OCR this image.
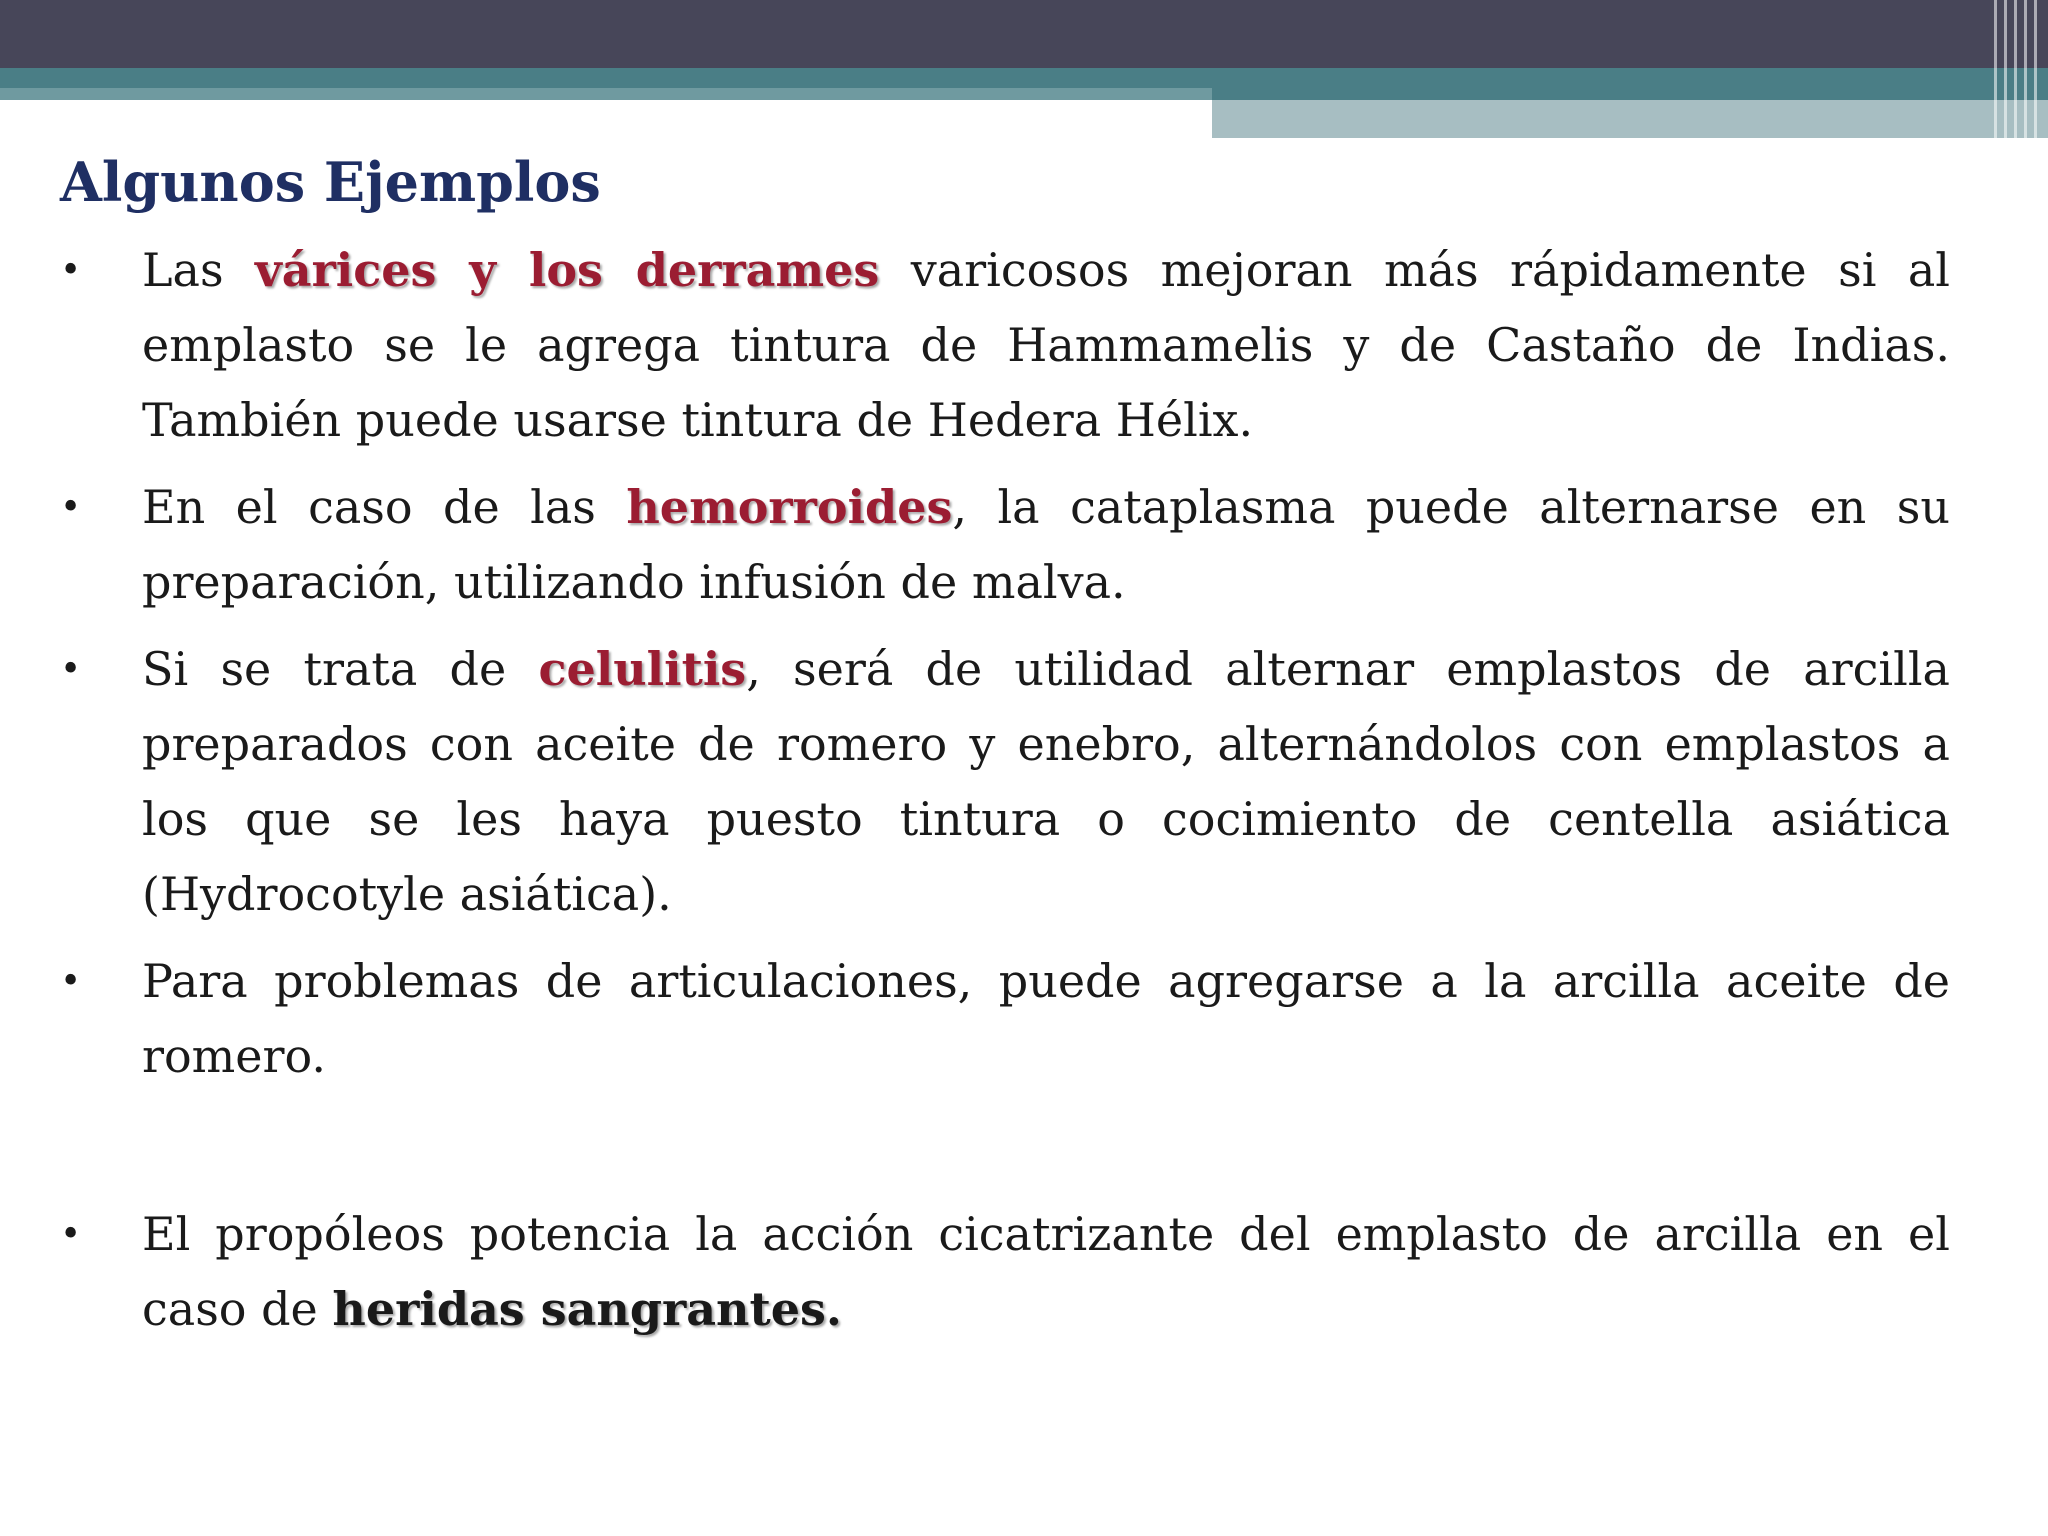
Algunos Ejemplos
•	Las várices y los derrames varicosos mejoran más rápidamente si al emplasto se le agrega tintura de Hammamelis y de Castaño de Indias. También puede usarse tintura de Hedera Hélix.
•	En el caso de las hemorroides, la cataplasma puede alternarse en su preparación, utilizando infusión de malva.
•	Si se trata de celulitis, será de utilidad alternar emplastos de arcilla preparados con aceite de romero y enebro, alternándolos con emplastos a los que se les haya puesto tintura o cocimiento de centella asiática (Hydrocotyle asiática).
•	Para problemas de articulaciones, puede agregarse a la arcilla aceite de romero.
•	El propóleos potencia la acción cicatrizante del emplasto de arcilla en el caso de heridas sangrantes.
